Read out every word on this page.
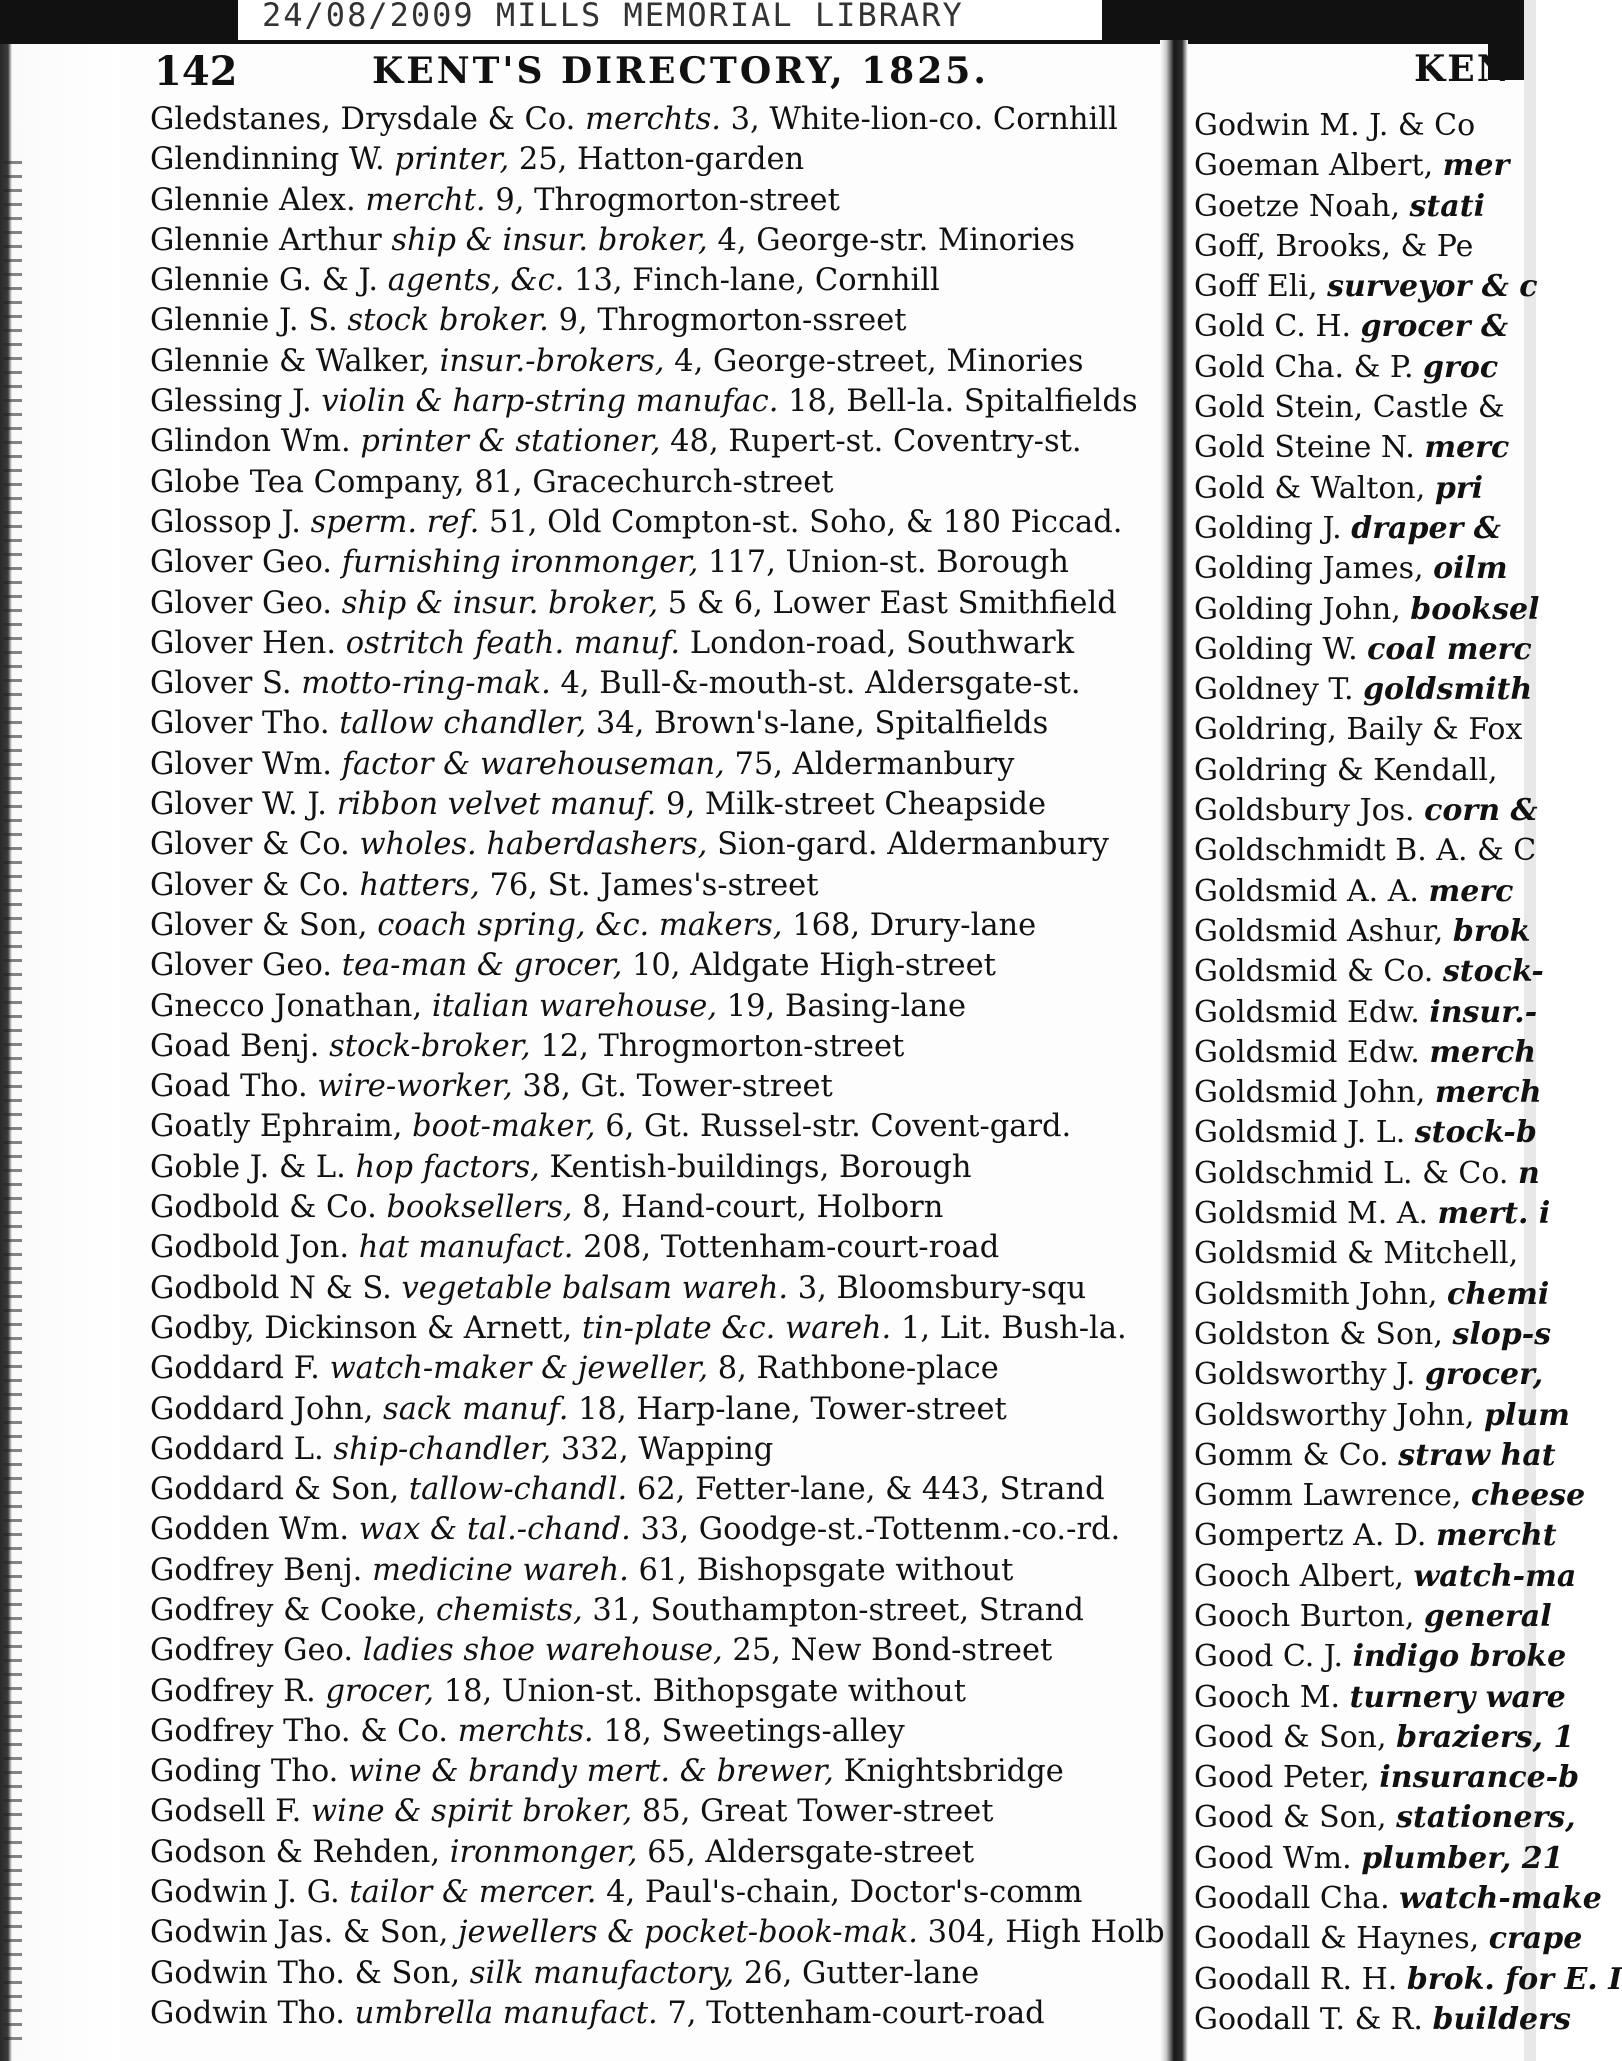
24/08/2009 MILLS MEMORIAL LIBRARY
142	KENT'S DIRECTORY, 1825.
Gledstanes, Drysdale & Co. merchts. 3, White-lion-co. Cornhill
Glendinning W. printer, 25, Hatton-garden
Glennie Alex. mercht. 9, Throgmorton-street
Glennie Arthur ship & insur. broker, 4, George-str. Minories
Glennie G. & J. agents, &c. 13, Finch-lane, Cornhill
Glennie J. S. stock broker. 9, Throgmorton-ssreet
Glennie & Walker, insur.-brokers, 4, George-street, Minories
Glessing J. violin & harp-string manufac. 18, Bell-la. Spitalfields
Glindon Wm. printer & stationer, 48, Rupert-st. Coventry-st.
Globe Tea Company, 81, Gracechurch-street
Glossop J. sperm. ref. 51, Old Compton-st. Soho, & 180 Piccad.
Glover Geo. furnishing ironmonger, 117, Union-st. Borough
Glover Geo. ship & insur. broker, 5 & 6, Lower East Smithfield
Glover Hen. ostritch feath. manuf. London-road, Southwark
Glover S. motto-ring-mak. 4, Bull-&-mouth-st. Aldersgate-st.
Glover Tho. tallow chandler, 34, Brown's-lane, Spitalfields
Glover Wm. factor & warehouseman, 75, Aldermanbury
Glover W. J. ribbon velvet manuf. 9, Milk-street Cheapside
Glover & Co. wholes. haberdashers, Sion-gard. Aldermanbury
Glover & Co. hatters, 76, St. James's-street
Glover & Son, coach spring, &c. makers, 168, Drury-lane
Glover Geo. tea-man & grocer, 10, Aldgate High-street
Gnecco Jonathan, italian warehouse, 19, Basing-lane
Goad Benj. stock-broker, 12, Throgmorton-street
Goad Tho. wire-worker, 38, Gt. Tower-street
Goatly Ephraim, boot-maker, 6, Gt. Russel-str. Covent-gard.
Goble J. & L. hop factors, Kentish-buildings, Borough
Godbold & Co. booksellers, 8, Hand-court, Holborn
Godbold Jon. hat manufact. 208, Tottenham-court-road
Godbold N & S. vegetable balsam wareh. 3, Bloomsbury-squ
Godby, Dickinson & Arnett, tin-plate &c. wareh. 1, Lit. Bush-la.
Goddard F. watch-maker & jeweller, 8, Rathbone-place
Goddard John, sack manuf. 18, Harp-lane, Tower-street
Goddard L. ship-chandler, 332, Wapping
Goddard & Son, tallow-chandl. 62, Fetter-lane, & 443, Strand
Godden Wm. wax & tal.-chand. 33, Goodge-st.-Tottenm.-co.-rd.
Godfrey Benj. medicine wareh. 61, Bishopsgate without
Godfrey & Cooke, chemists, 31, Southampton-street, Strand
Godfrey Geo. ladies shoe warehouse, 25, New Bond-street
Godfrey R. grocer, 18, Union-st. Bithopsgate without
Godfrey Tho. & Co. merchts. 18, Sweetings-alley
Goding Tho. wine & brandy mert. & brewer, Knightsbridge
Godsell F. wine & spirit broker, 85, Great Tower-street
Godson & Rehden, ironmonger, 65, Aldersgate-street
Godwin J. G. tailor & mercer. 4, Paul's-chain, Doctor's-comm
Godwin Jas. & Son, jewellers & pocket-book-mak. 304, High Holb
Godwin Tho. & Son, silk manufactory, 26, Gutter-lane
Godwin Tho. umbrella manufact. 7, Tottenham-court-road
KEN
Godwin M. J. & Co
Goeman Albert, mer
Goetze Noah, stati
Goff, Brooks, & Pe
Goff Eli, surveyor & c
Gold C. H. grocer &
Gold Cha. & P. groc
Gold Stein, Castle &
Gold Steine N. merc
Gold & Walton, pri
Golding J. draper &
Golding James, oilm
Golding John, booksel
Golding W. coal merc
Goldney T. goldsmith
Goldring, Baily & Fox
Goldring & Kendall,
Goldsbury Jos. corn &
Goldschmidt B. A. & C
Goldsmid A. A. merc
Goldsmid Ashur, brok
Goldsmid & Co. stock-
Goldsmid Edw. insur.-
Goldsmid Edw. merch
Goldsmid John, merch
Goldsmid J. L. stock-b
Goldschmid L. & Co. n
Goldsmid M. A. mert. i
Goldsmid & Mitchell,
Goldsmith John, chemi
Goldston & Son, slop-s
Goldsworthy J. grocer,
Goldsworthy John, plum
Gomm & Co. straw hat
Gomm Lawrence, cheese
Gompertz A. D. mercht
Gooch Albert, watch-ma
Gooch Burton, general
Good C. J. indigo broke
Gooch M. turnery ware
Good & Son, braziers, 1
Good Peter, insurance-b
Good & Son, stationers,
Good Wm. plumber, 21
Goodall Cha. watch-make
Goodall & Haynes, crape
Goodall R. H. brok. for E. I
Goodall T. & R. builders
